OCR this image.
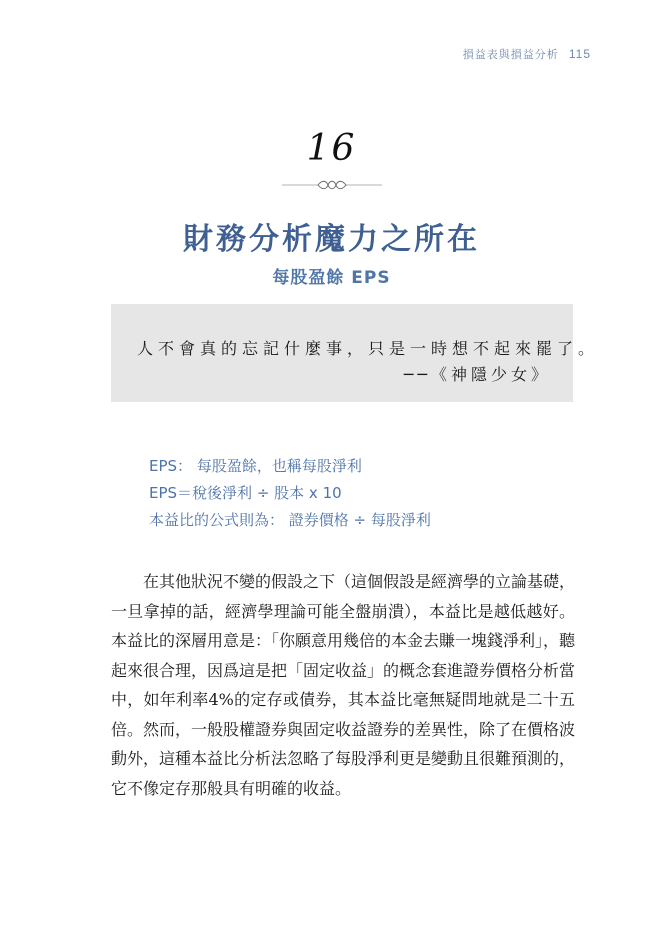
損益表與損益分析 115
16
財務分析魔力之所在
每股盈餘 EPS
人不會真的忘記什麼事，只是一時想不起來罷了。
──《神隱少女》
EPS： 每股盈餘，也稱每股淨利
EPS＝稅後淨利 ÷ 股本 x 10
本益比的公式則為： 證券價格 ÷ 每股淨利

在其他狀況不變的假設之下（這個假設是經濟學的立論基礎，一旦拿掉的話，經濟學理論可能全盤崩潰），本益比是越低越好。本益比的深層用意是：「你願意用幾倍的本金去賺一塊錢淨利」，聽起來很合理，因爲這是把「固定收益」的概念套進證券價格分析當中，如年利率4%的定存或債券，其本益比毫無疑問地就是二十五倍。然而，一般股權證券與固定收益證券的差異性，除了在價格波動外，這種本益比分析法忽略了每股淨利更是變動且很難預測的，它不像定存那般具有明確的收益。
